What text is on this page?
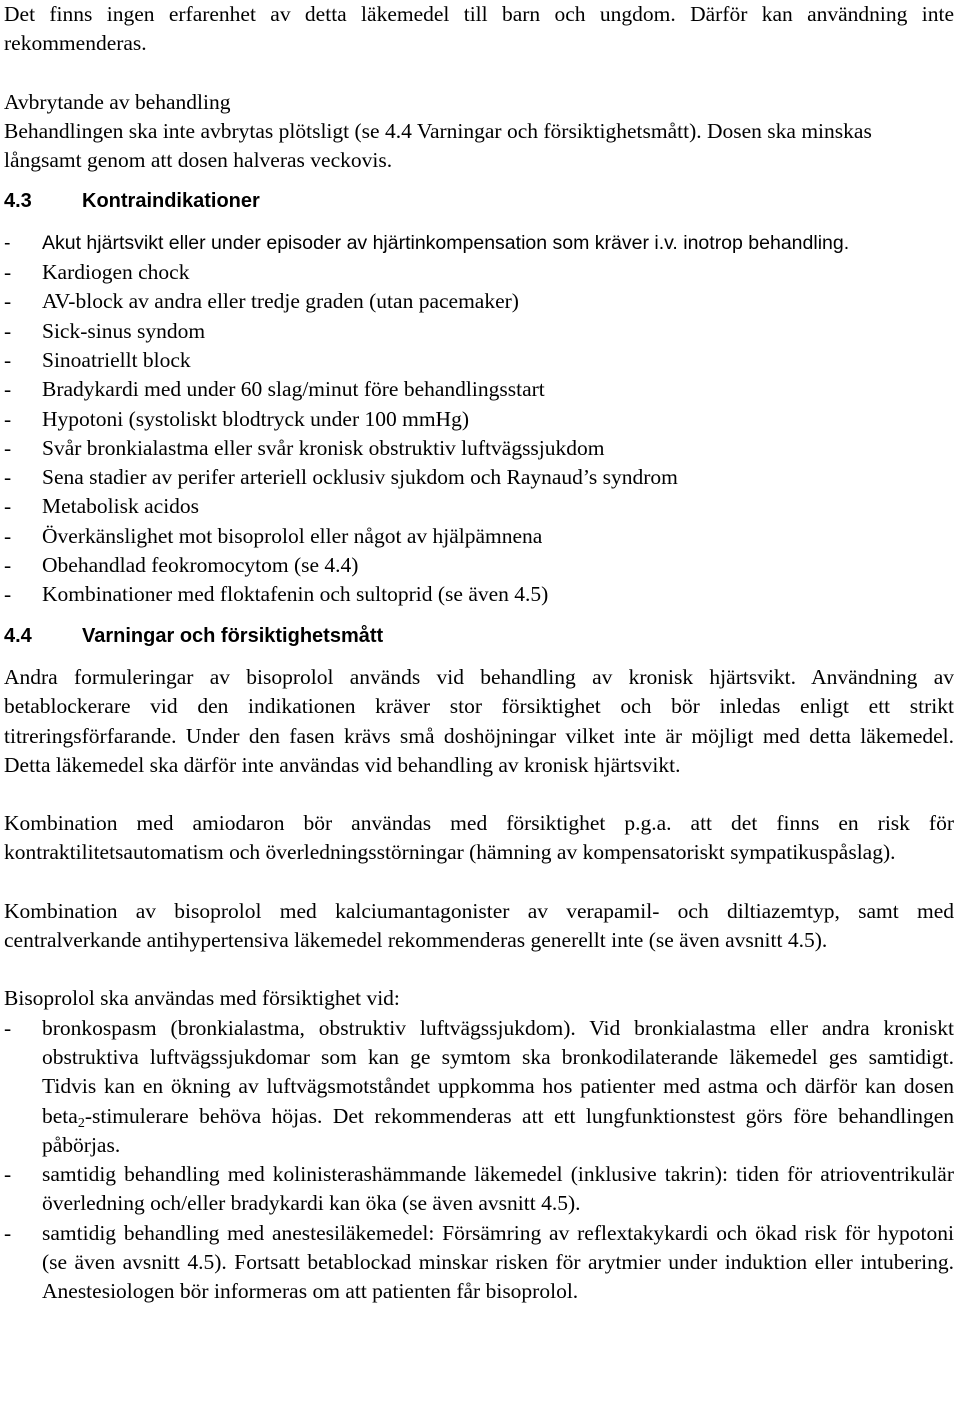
Det finns ingen erfarenhet av detta läkemedel till barn och ungdom. Därför kan användning inte rekommenderas.

Avbrytande av behandling

Behandlingen ska inte avbrytas plötsligt (se 4.4 Varningar och försiktighetsmått). Dosen ska minskas långsamt genom att dosen halveras veckovis.

4.3	Kontraindikationer
-	Akut hjärtsvikt eller under episoder av hjärtinkompensation som kräver i.v. inotrop behandling.
-	Kardiogen chock
-	AV-block av andra eller tredje graden (utan pacemaker)
-	Sick-sinus syndom
-	Sinoatriellt block
-	Bradykardi med under 60 slag/minut före behandlingsstart
-	Hypotoni (systoliskt blodtryck under 100 mmHg)
-	Svår bronkialastma eller svår kronisk obstruktiv luftvägssjukdom
-	Sena stadier av perifer arteriell ocklusiv sjukdom och Raynaud’s syndrom
-	Metabolisk acidos
-	Överkänslighet mot bisoprolol eller något av hjälpämnena
-	Obehandlad feokromocytom (se 4.4)
-	Kombinationer med floktafenin och sultoprid (se även 4.5)
4.4	Varningar och försiktighetsmått

Andra formuleringar av bisoprolol används vid behandling av kronisk hjärtsvikt. Användning av betablockerare vid den indikationen kräver stor försiktighet och bör inledas enligt ett strikt titreringsförfarande. Under den fasen krävs små doshöjningar vilket inte är möjligt med detta läkemedel. Detta läkemedel ska därför inte användas vid behandling av kronisk hjärtsvikt.

Kombination med amiodaron bör användas med försiktighet p.g.a. att det finns en risk för kontraktilitetsautomatism och överledningsstörningar (hämning av kompensatoriskt sympatikuspåslag).

Kombination av bisoprolol med kalciumantagonister av verapamil- och diltiazemtyp, samt med centralverkande antihypertensiva läkemedel rekommenderas generellt inte (se även avsnitt 4.5).

Bisoprolol ska användas med försiktighet vid:

-	bronkospasm (bronkialastma, obstruktiv luftvägssjukdom). Vid bronkialastma eller andra kroniskt obstruktiva luftvägssjukdomar som kan ge symtom ska bronkodilaterande läkemedel ges samtidigt. Tidvis kan en ökning av luftvägsmotståndet uppkomma hos patienter med astma och därför kan dosen beta$_2$-stimulerare behöva höjas. Det rekommenderas att ett lungfunktionstest görs före behandlingen påbörjas.
-	samtidig behandling med kolinisterashämmande läkemedel (inklusive takrin): tiden för atrioventrikulär överledning och/eller bradykardi kan öka (se även avsnitt 4.5).
-	samtidig behandling med anestesiläkemedel: Försämring av reflextakykardi och ökad risk för hypotoni (se även avsnitt 4.5). Fortsatt betablockad minskar risken för arytmier under induktion eller intubering. Anestesiologen bör informeras om att patienten får bisoprolol.
